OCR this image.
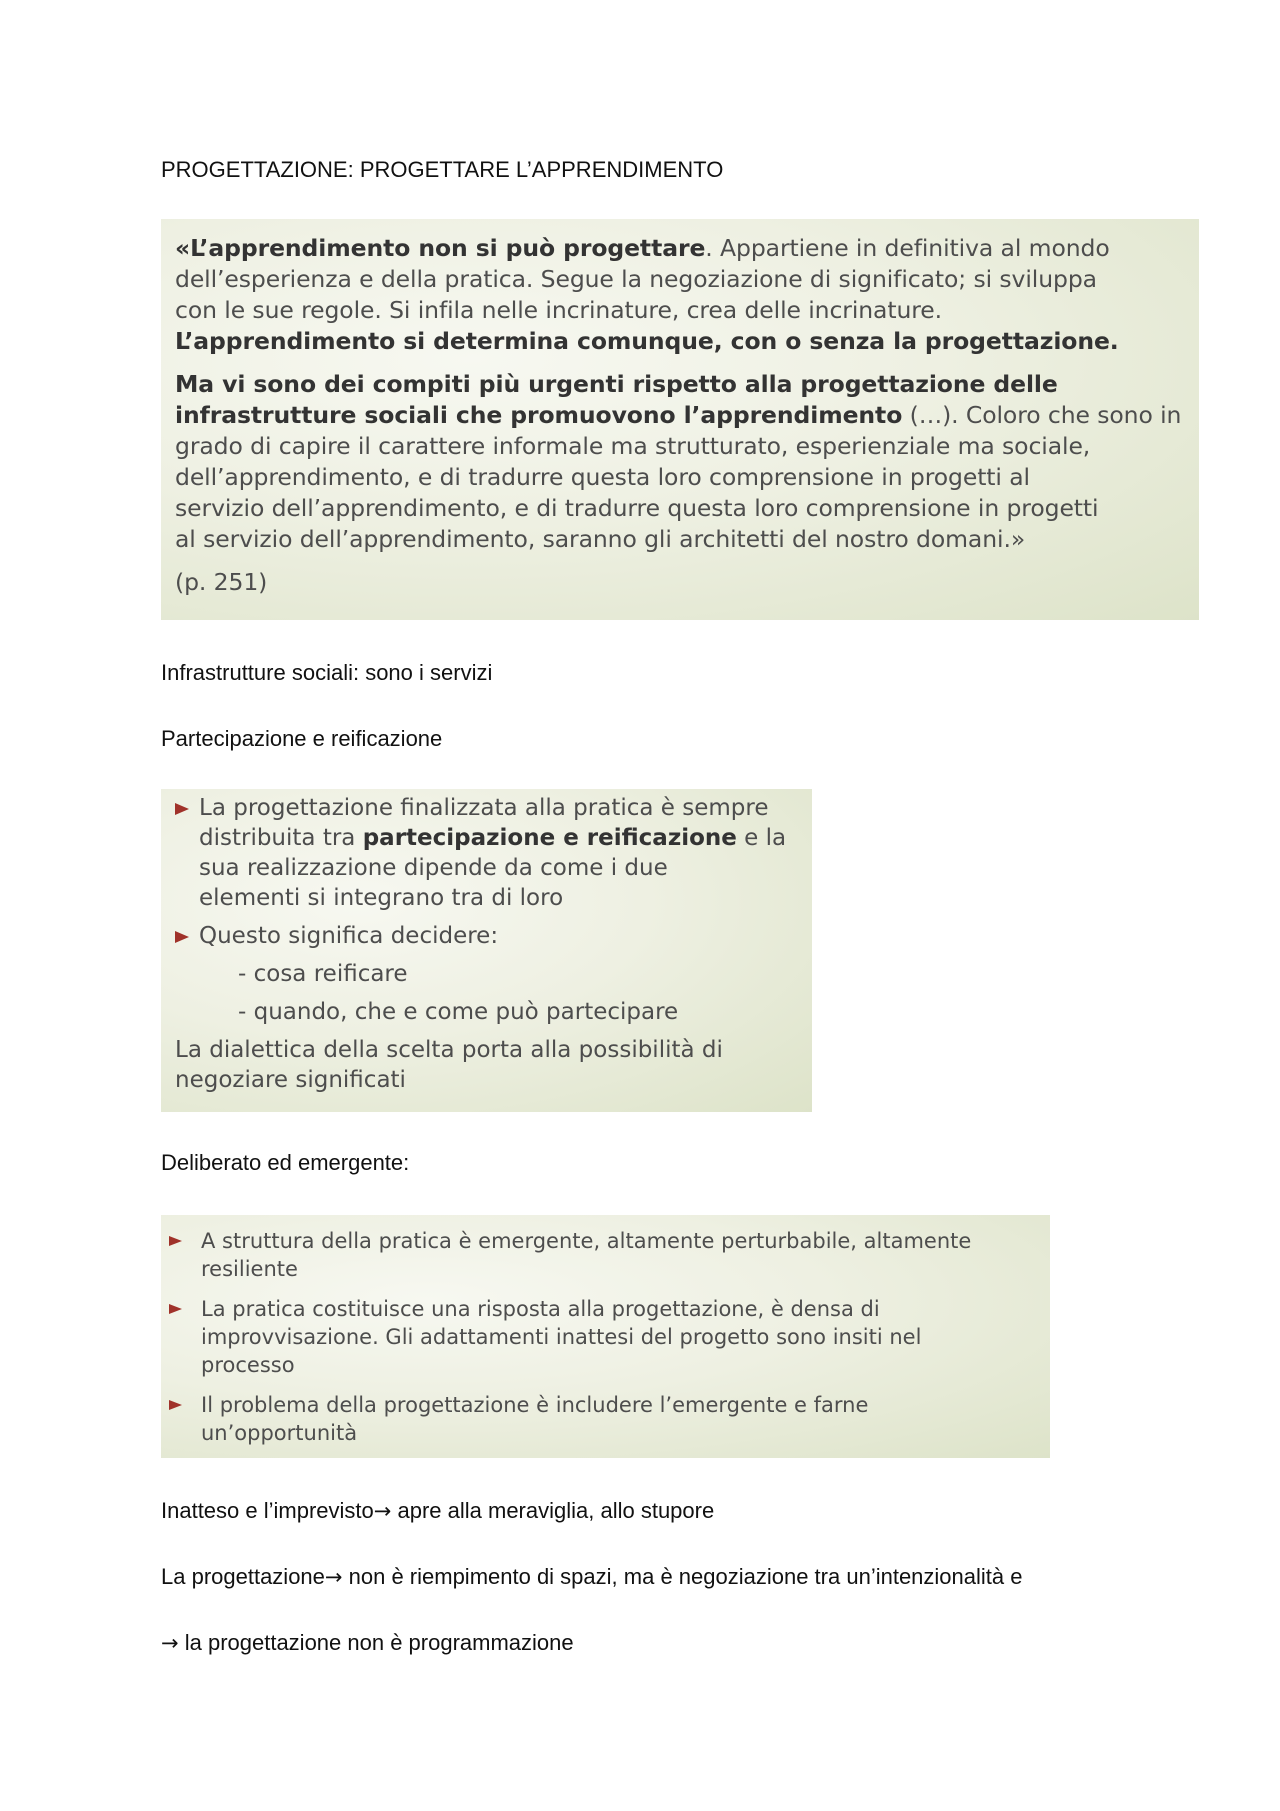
PROGETTAZIONE: PROGETTARE L’APPRENDIMENTO
«L’apprendimento non si può progettare. Appartiene in definitiva al mondo
dell’esperienza e della pratica. Segue la negoziazione di significato; si sviluppa
con le sue regole. Si infila nelle incrinature, crea delle incrinature.
L’apprendimento si determina comunque, con o senza la progettazione.
Ma vi sono dei compiti più urgenti rispetto alla progettazione delle
infrastrutture sociali che promuovono l’apprendimento (…). Coloro che sono in
grado di capire il carattere informale ma strutturato, esperienziale ma sociale,
dell’apprendimento, e di tradurre questa loro comprensione in progetti al
servizio dell’apprendimento, e di tradurre questa loro comprensione in progetti
al servizio dell’apprendimento, saranno gli architetti del nostro domani.»
(p. 251)
Infrastrutture sociali: sono i servizi
Partecipazione e reificazione
La progettazione finalizzata alla pratica è sempre
distribuita tra partecipazione e reificazione e la
sua realizzazione dipende da come i due
elementi si integrano tra di loro
Questo significa decidere:
- cosa reificare
- quando, che e come può partecipare
La dialettica della scelta porta alla possibilità di
negoziare significati
Deliberato ed emergente:
A struttura della pratica è emergente, altamente perturbabile, altamente
resiliente
La pratica costituisce una risposta alla progettazione, è densa di
improvvisazione. Gli adattamenti inattesi del progetto sono insiti nel
processo
Il problema della progettazione è includere l’emergente e farne
un’opportunità
Inatteso e l’imprevisto→ apre alla meraviglia, allo stupore
La progettazione→ non è riempimento di spazi, ma è negoziazione tra un’intenzionalità e
→ la progettazione non è programmazione
